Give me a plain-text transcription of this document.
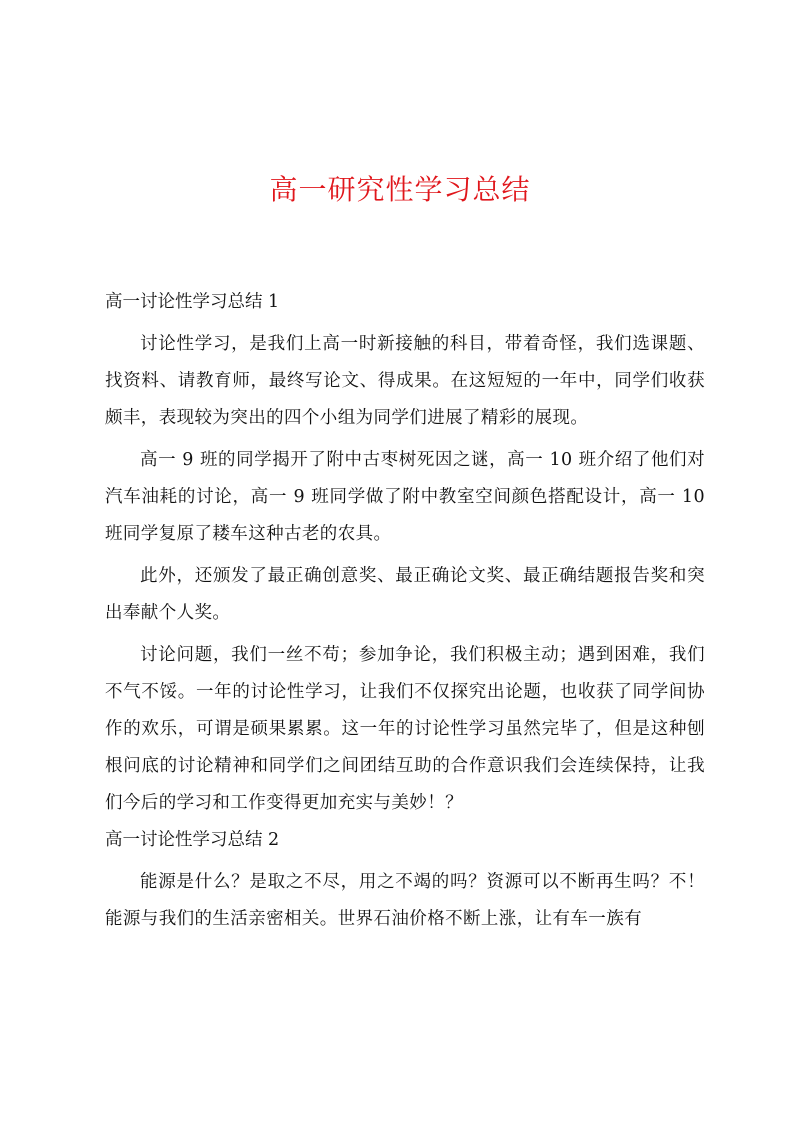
高一研究性学习总结
高一讨论性学习总结 1

讨论性学习，是我们上高一时新接触的科目，带着奇怪，我们选课题、找资料、请教育师，最终写论文、得成果。在这短短的一年中，同学们收获颇丰，表现较为突出的四个小组为同学们进展了精彩的展现。

高一 9 班的同学揭开了附中古枣树死因之谜，高一 10 班介绍了他们对汽车油耗的讨论，高一 9 班同学做了附中教室空间颜色搭配设计，高一 10 班同学复原了耧车这种古老的农具。

此外，还颁发了最正确创意奖、最正确论文奖、最正确结题报告奖和突出奉献个人奖。

讨论问题，我们一丝不苟；参加争论，我们积极主动；遇到困难，我们不气不馁。一年的讨论性学习，让我们不仅探究出论题，也收获了同学间协作的欢乐，可谓是硕果累累。这一年的讨论性学习虽然完毕了，但是这种刨根问底的讨论精神和同学们之间团结互助的合作意识我们会连续保持，让我们今后的学习和工作变得更加充实与美妙！？

高一讨论性学习总结 2

能源是什么？是取之不尽，用之不竭的吗？资源可以不断再生吗？不！能源与我们的生活亲密相关。世界石油价格不断上涨，让有车一族有
